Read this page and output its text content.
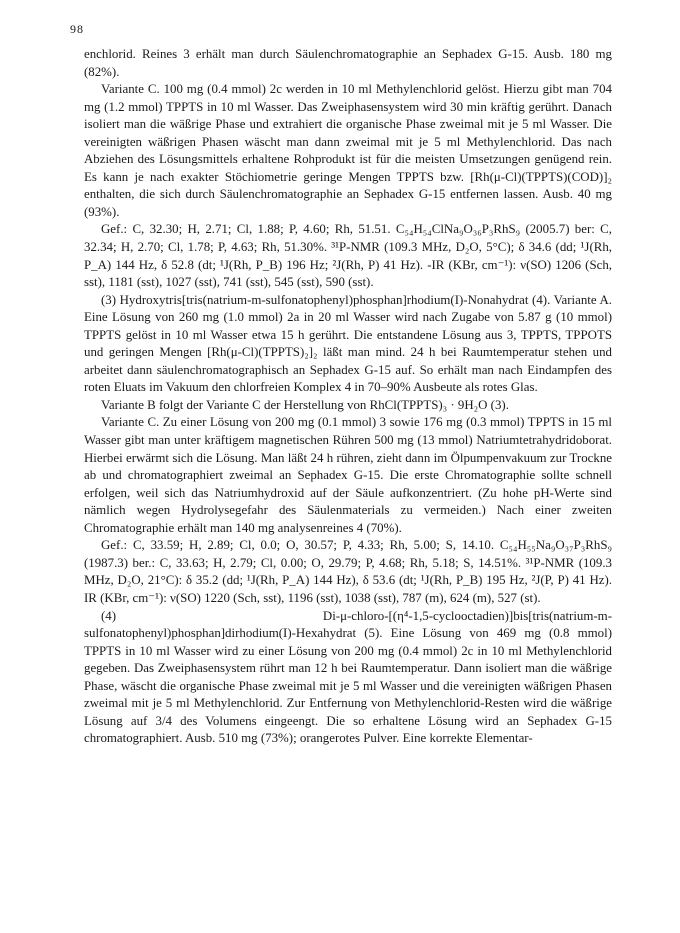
98

enchlorid. Reines 3 erhält man durch Säulenchromatographie an Sephadex G-15. Ausb. 180 mg (82%).

Variante C. 100 mg (0.4 mmol) 2c werden in 10 ml Methylenchlorid gelöst. Hierzu gibt man 704 mg (1.2 mmol) TPPTS in 10 ml Wasser. Das Zweiphasensystem wird 30 min kräftig gerührt. Danach isoliert man die wäßrige Phase und extrahiert die organische Phase zweimal mit je 5 ml Wasser. Die vereinigten wäßrigen Phasen wäscht man dann zweimal mit je 5 ml Methylenchlorid. Das nach Abziehen des Lösungsmittels erhaltene Rohprodukt ist für die meisten Umsetzungen genügend rein. Es kann je nach exakter Stöchiometrie geringe Mengen TPPTS bzw. [Rh(μ-Cl)(TPPTS)(COD)]₂ enthalten, die sich durch Säulenchromatographie an Sephadex G-15 entfernen lassen. Ausb. 40 mg (93%).

Gef.: C, 32.30; H, 2.71; Cl, 1.88; P, 4.60; Rh, 51.51. C₅₄H₅₄ClNa₉O₃₆P₃RhS₉ (2005.7) ber: C, 32.34; H, 2.70; Cl, 1.78; P, 4.63; Rh, 51.30%. ³¹P-NMR (109.3 MHz, D₂O, 5°C); δ 34.6 (dd; ¹J(Rh, P_A) 144 Hz, δ 52.8 (dt; ¹J(Rh, P_B) 196 Hz; ²J(Rh, P) 41 Hz). -IR (KBr, cm⁻¹): ν(SO) 1206 (Sch, sst), 1181 (sst), 1027 (sst), 741 (sst), 545 (sst), 590 (sst).

(3) Hydroxytris[tris(natrium-m-sulfonatophenyl)phosphan]rhodium(I)-Nonahydrat (4). Variante A. Eine Lösung von 260 mg (1.0 mmol) 2a in 20 ml Wasser wird nach Zugabe von 5.87 g (10 mmol) TPPTS gelöst in 10 ml Wasser etwa 15 h gerührt. Die entstandene Lösung aus 3, TPPTS, TPPOTS und geringen Mengen [Rh(μ-Cl)(TPPTS)₂]₂ läßt man mind. 24 h bei Raumtemperatur stehen und arbeitet dann säulenchromatographisch an Sephadex G-15 auf. So erhält man nach Eindampfen des roten Eluats im Vakuum den chlorfreien Komplex 4 in 70–90% Ausbeute als rotes Glas.

Variante B folgt der Variante C der Herstellung von RhCl(TPPTS)₃ · 9H₂O (3).

Variante C. Zu einer Lösung von 200 mg (0.1 mmol) 3 sowie 176 mg (0.3 mmol) TPPTS in 15 ml Wasser gibt man unter kräftigem magnetischen Rühren 500 mg (13 mmol) Natriumtetrahydridoborat. Hierbei erwärmt sich die Lösung. Man läßt 24 h rühren, zieht dann im Ölpumpenvakuum zur Trockne ab und chromatographiert zweimal an Sephadex G-15. Die erste Chromatographie sollte schnell erfolgen, weil sich das Natriumhydroxid auf der Säule aufkonzentriert. (Zu hohe pH-Werte sind nämlich wegen Hydrolysegefahr des Säulenmaterials zu vermeiden.) Nach einer zweiten Chromatographie erhält man 140 mg analysenreines 4 (70%).

Gef.: C, 33.59; H, 2.89; Cl, 0.0; O, 30.57; P, 4.33; Rh, 5.00; S, 14.10. C₅₄H₅₅Na₉O₃₇P₃RhS₉ (1987.3) ber.: C, 33.63; H, 2.79; Cl, 0.00; O, 29.79; P, 4.68; Rh, 5.18; S, 14.51%. ³¹P-NMR (109.3 MHz, D₂O, 21°C): δ 35.2 (dd; ¹J(Rh, P_A) 144 Hz), δ 53.6 (dt; ¹J(Rh, P_B) 195 Hz, ²J(P, P) 41 Hz). IR (KBr, cm⁻¹): ν(SO) 1220 (Sch, sst), 1196 (sst), 1038 (sst), 787 (m), 624 (m), 527 (st).

(4) Di-μ-chloro-[(η⁴-1,5-cyclooctadien)]bis[tris(natrium-m-sulfonatophenyl)phosphan]dirhodium(I)-Hexahydrat (5). Eine Lösung von 469 mg (0.8 mmol) TPPTS in 10 ml Wasser wird zu einer Lösung von 200 mg (0.4 mmol) 2c in 10 ml Methylenchlorid gegeben. Das Zweiphasensystem rührt man 12 h bei Raumtemperatur. Dann isoliert man die wäßrige Phase, wäscht die organische Phase zweimal mit je 5 ml Wasser und die vereinigten wäßrigen Phasen zweimal mit je 5 ml Methylenchlorid. Zur Entfernung von Methylenchlorid-Resten wird die wäßrige Lösung auf 3/4 des Volumens eingeengt. Die so erhaltene Lösung wird an Sephadex G-15 chromatographiert. Ausb. 510 mg (73%); orangerotes Pulver. Eine korrekte Elementar-
